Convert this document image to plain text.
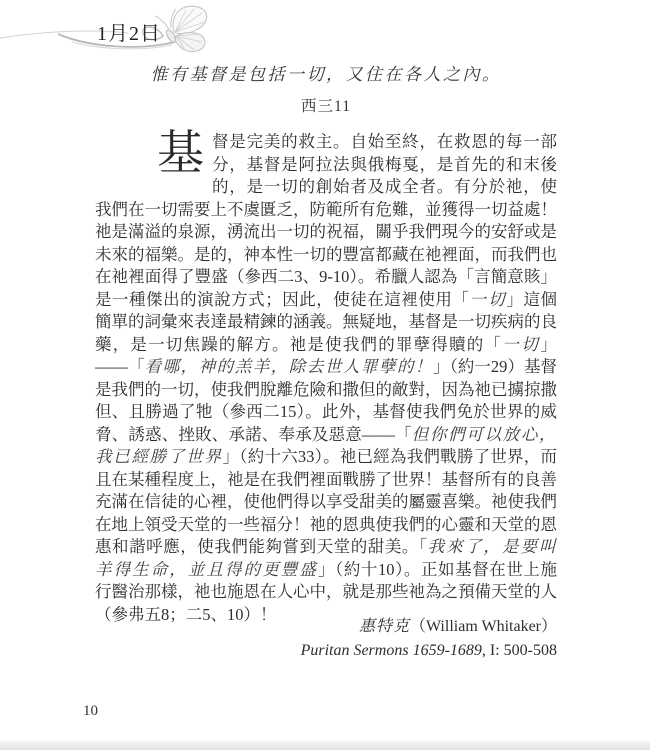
1月2日
惟有基督是包括一切，又住在各人之內。
西三11
基督是完美的救主。自始至終，在救恩的每一部分，基督是阿拉法與俄梅戛，是首先的和末後的，是一切的創始者及成全者。有分於祂，使我們在一切需要上不虞匱乏，防範所有危難，並獲得一切益處！祂是滿溢的泉源，湧流出一切的祝福，關乎我們現今的安舒或是未來的福樂。是的，神本性一切的豐富都藏在祂裡面，而我們也在祂裡面得了豐盛（參西二3、9-10）。希臘人認為「言簡意賅」是一種傑出的演說方式；因此，使徒在這裡使用「一切」這個簡單的詞彙來表達最精鍊的涵義。無疑地，基督是一切疾病的良藥，是一切焦躁的解方。祂是使我們的罪孽得贖的「一切」——「看哪，神的羔羊，除去世人罪孽的！」（約一29）基督是我們的一切，使我們脫離危險和撒但的敵對，因為祂已擄掠撒但、且勝過了牠（參西二15）。此外，基督使我們免於世界的威脅、誘惑、挫敗、承諾、奉承及惡意——「但你們可以放心，我已經勝了世界」（約十六33）。祂已經為我們戰勝了世界，而且在某種程度上，祂是在我們裡面戰勝了世界！基督所有的良善充滿在信徒的心裡，使他們得以享受甜美的屬靈喜樂。祂使我們在地上領受天堂的一些福分！祂的恩典使我們的心靈和天堂的恩惠和諧呼應，使我們能夠嘗到天堂的甜美。「我來了，是要叫羊得生命，並且得的更豐盛」（約十10）。正如基督在世上施行醫治那樣，祂也施恩在人心中，就是那些祂為之預備天堂的人（參弗五8；二5、10）！
惠特克（William Whitaker）
Puritan Sermons 1659-1689, I: 500-508
10
